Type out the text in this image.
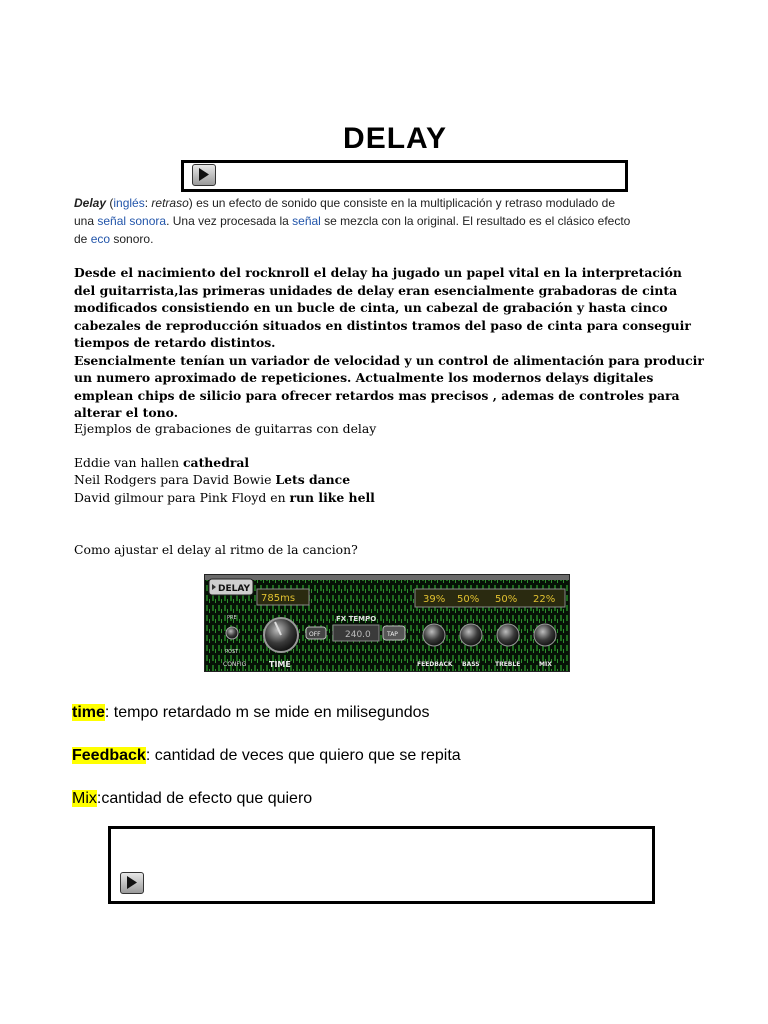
DELAY
Delay (inglés: retraso) es un efecto de sonido que consiste en la multiplicación y retraso modulado de
una señal sonora. Una vez procesada la señal se mezcla con la original. El resultado es el clásico efecto
de eco sonoro.
Desde el nacimiento del rocknroll el delay ha jugado un papel vital en la interpretación del guitarrista,las primeras unidades de delay eran esencialmente grabadoras de cinta modificados consistiendo en un bucle de cinta, un cabezal de grabación y hasta cinco cabezales de reproducción situados en distintos tramos del paso de cinta para conseguir tiempos de retardo distintos.
Esencialmente tenían un variador de velocidad y un control de alimentación para producir un numero aproximado de repeticiones. Actualmente los modernos delays digitales emplean chips de silicio para ofrecer retardos mas precisos , ademas de controles para alterar el tono.
Ejemplos de grabaciones de guitarras con delay
Eddie van hallen cathedral
Neil Rodgers para David Bowie Lets dance
David gilmour para Pink Floyd en run like hell
Como ajustar el delay al ritmo de la cancion?
DELAY
785ms
PRE
POST
CONFIG	TIME
OFF
FX TEMPO
240.0	TAP
39% 50% 50% 22%
FEEDBACK BASS	TREBLE	MIX
time: tempo retardado m se mide en milisegundos
Feedback: cantidad de veces que quiero que se repita
Mix:cantidad de efecto que quiero
